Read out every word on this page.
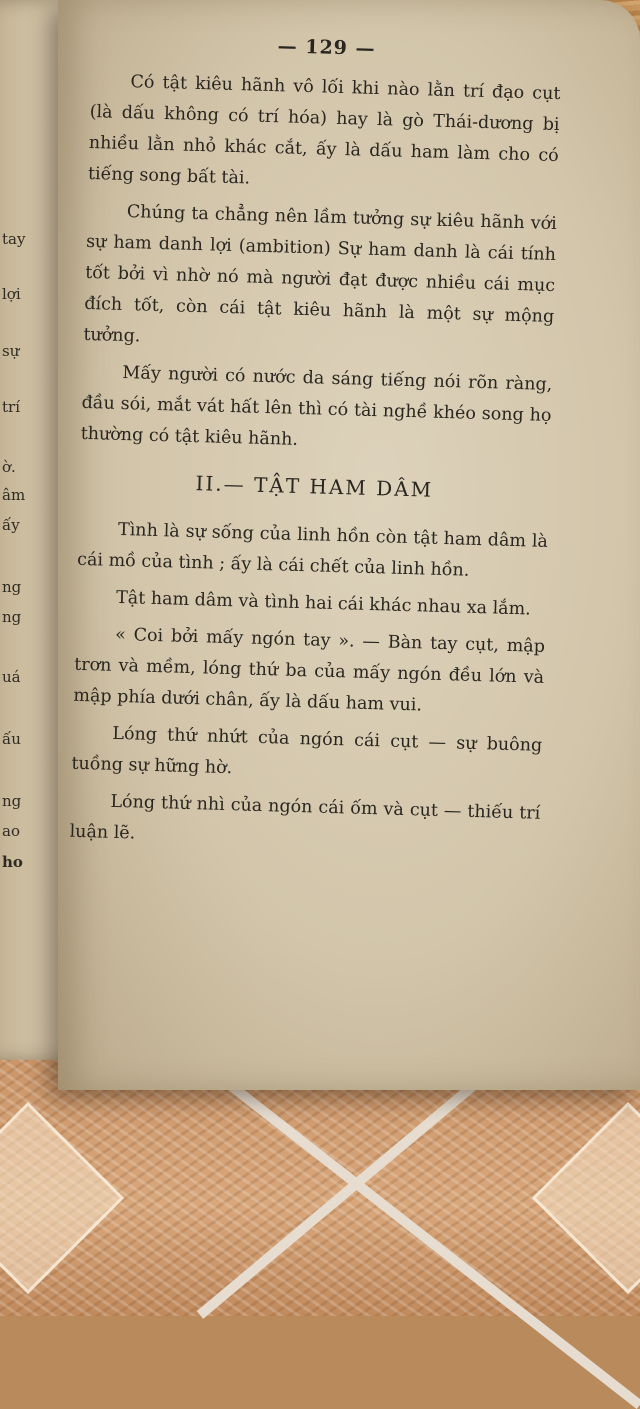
tay
lợi
sự
trí
ờ.
âm
ấy
ng
ng
uá
ấu
ng
ao
ho
— 129 —

Có tật kiêu hãnh vô lối khi nào lằn trí đạo cụt (là dấu không có trí hóa) hay là gò Thái-dương bị nhiều lằn nhỏ khác cắt, ấy là dấu ham làm cho có tiếng song bất tài.

Chúng ta chẳng nên lầm tưởng sự kiêu hãnh với sự ham danh lợi (ambition) Sự ham danh là cái tính tốt bởi vì nhờ nó mà người đạt được nhiều cái mục đích tốt, còn cái tật kiêu hãnh là một sự mộng tưởng.

Mấy người có nước da sáng tiếng nói rõn ràng, đầu sói, mắt vát hất lên thì có tài nghề khéo song họ thường có tật kiêu hãnh.

II.— TẬT HAM DÂM

Tình là sự sống của linh hồn còn tật ham dâm là cái mồ của tình ; ấy là cái chết của linh hồn.

Tật ham dâm và tình hai cái khác nhau xa lắm.

« Coi bởi mấy ngón tay ». — Bàn tay cụt, mập trơn và mềm, lóng thứ ba của mấy ngón đều lớn và mập phía dưới chân, ấy là dấu ham vui.

Lóng thứ nhứt của ngón cái cụt — sự buông tuồng sự hững hờ.

Lóng thứ nhì của ngón cái ốm và cụt — thiếu trí luận lẽ.
